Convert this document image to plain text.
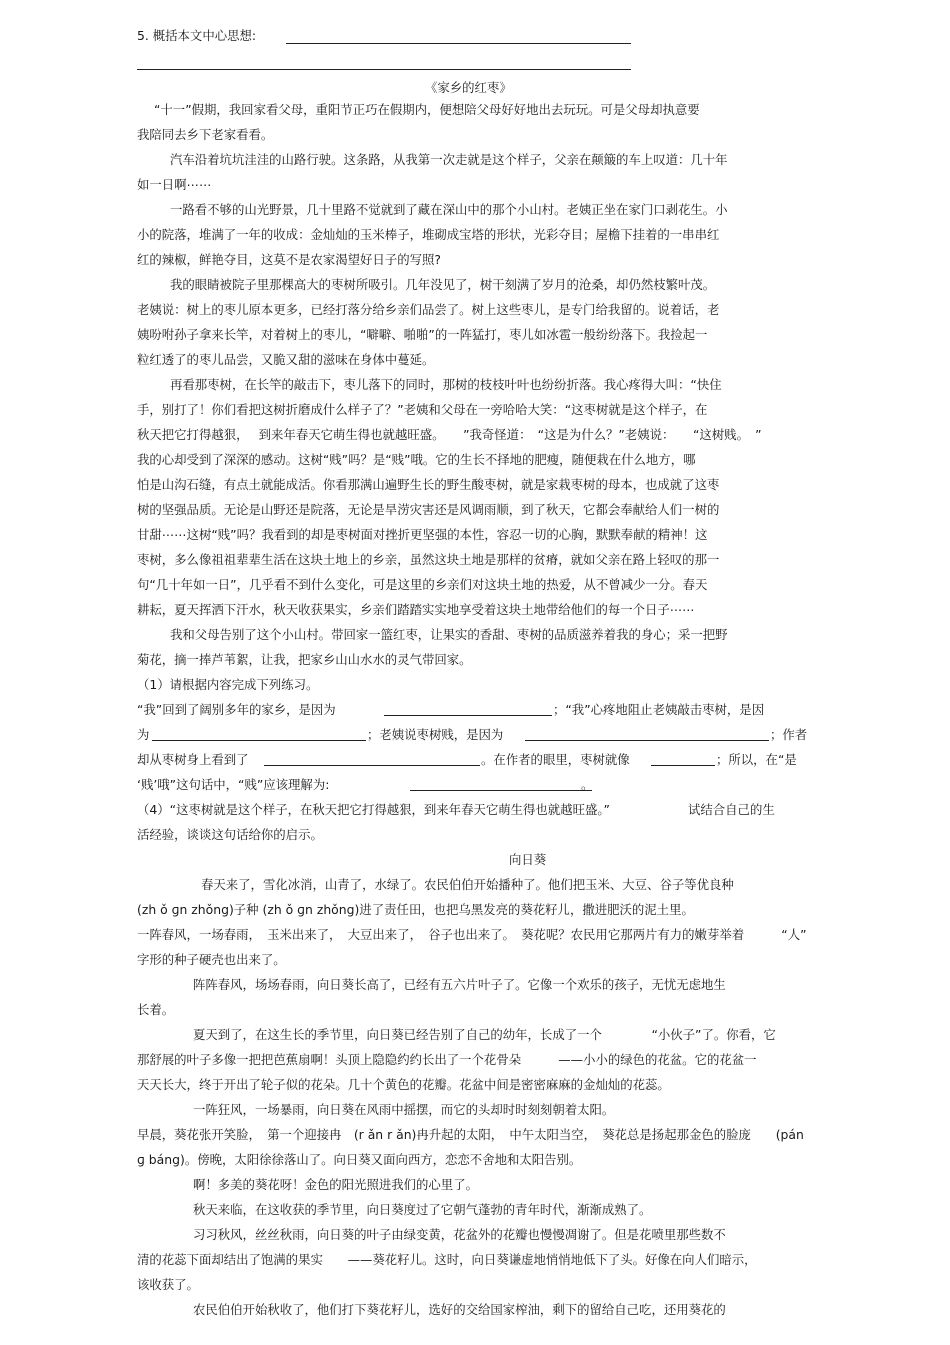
5. 概括本文中心思想:
《家乡的红枣》
“十一”假期，我回家看父母，重阳节正巧在假期内，便想陪父母好好地出去玩玩。可是父母却执意要
我陪同去乡下老家看看。
汽车沿着坑坑洼洼的山路行驶。这条路，从我第一次走就是这个样子，父亲在颠簸的车上叹道：几十年
如一日啊⋯⋯
一路看不够的山光野景，几十里路不觉就到了藏在深山中的那个小山村。老姨正坐在家门口剥花生。小
小的院落，堆满了一年的收成：金灿灿的玉米棒子，堆砌成宝塔的形状，光彩夺目；屋檐下挂着的一串串红
红的辣椒，鲜艳夺目，这莫不是农家渴望好日子的写照?
我的眼睛被院子里那棵高大的枣树所吸引。几年没见了，树干刻满了岁月的沧桑，却仍然枝繁叶茂。
老姨说：树上的枣儿原本更多，已经打落分给乡亲们品尝了。树上这些枣儿，是专门给我留的。说着话，老
姨吩咐孙子拿来长竿，对着树上的枣儿，“噼噼、啪啪”的一阵猛打，枣儿如冰雹一般纷纷落下。我捡起一
粒红透了的枣儿品尝，又脆又甜的滋味在身体中蔓延。
再看那枣树，在长竿的敲击下，枣儿落下的同时，那树的枝枝叶叶也纷纷折落。我心疼得大叫：“快住
手，别打了！你们看把这树折磨成什么样子了？”老姨和父母在一旁哈哈大笑：“这枣树就是这个样子，在
秋天把它打得越狠，　 到来年春天它萌生得也就越旺盛。　　”我奇怪道：　“这是为什么？”老姨说：　　“这树贱。　”
我的心却受到了深深的感动。这树“贱”吗？是“贱”哦。它的生长不择地的肥瘦，随便栽在什么地方，哪
怕是山沟石缝，有点土就能成活。你看那满山遍野生长的野生酸枣树，就是家栽枣树的母本，也成就了这枣
树的坚强品质。无论是山野还是院落，无论是旱涝灾害还是风调雨顺，到了秋天，它都会奉献给人们一树的
甘甜⋯⋯这树“贱”吗？我看到的却是枣树面对挫折更坚强的本性，容忍一切的心胸，默默奉献的精神！这
枣树，多么像祖祖辈辈生活在这块土地上的乡亲，虽然这块土地是那样的贫瘠，就如父亲在路上轻叹的那一
句“几十年如一日”，几乎看不到什么变化，可是这里的乡亲们对这块土地的热爱，从不曾减少一分。春天
耕耘，夏天挥洒下汗水，秋天收获果实，乡亲们踏踏实实地享受着这块土地带给他们的每一个日子⋯⋯
我和父母告别了这个小山村。带回家一篮红枣，让果实的香甜、枣树的品质滋养着我的身心；采一把野
菊花，摘一捧芦苇絮，让我，把家乡山山水水的灵气带回家。
（1）请根据内容完成下列练习。
“我”回到了阔别多年的家乡，是因为	；“我”心疼地阻止老姨敲击枣树，是因
为	；老姨说枣树贱，是因为	；作者
却从枣树身上看到了	。在作者的眼里，枣树就像	；所以，在“是
‘贱’哦”这句话中，“贱”应该理解为:	。
（4）“这枣树就是这个样子，在秋天把它打得越狠，到来年春天它萌生得也就越旺盛。”	试结合自己的生
活经验，谈谈这句话给你的启示。
向日葵
春天来了，雪化冰消，山青了，水绿了。农民伯伯开始播种了。他们把玉米、大豆、谷子等优良种
(zh ǒ ɡn zhǒng)子种 (zh ǒ ɡn zhǒng)进了责任田，也把乌黑发亮的葵花籽儿，撒进肥沃的泥土里。
一阵春风，一场春雨，　玉米出来了，　大豆出来了，　谷子也出来了。　葵花呢？农民用它那两片有力的嫩芽举着　　　“人”
字形的种子硬壳也出来了。
阵阵春风，场场春雨，向日葵长高了，已经有五六片叶子了。它像一个欢乐的孩子，无忧无虑地生
长着。
夏天到了，在这生长的季节里，向日葵已经告别了自己的幼年，长成了一个　　　　“小伙子”了。你看，它
那舒展的叶子多像一把把芭蕉扇啊！头顶上隐隐约约长出了一个花骨朵　　　——小小的绿色的花盆。它的花盆一
天天长大，终于开出了轮子似的花朵。几十个黄色的花瓣。花盆中间是密密麻麻的金灿灿的花蕊。
一阵狂风，一场暴雨，向日葵在风雨中摇摆，而它的头却时时刻刻朝着太阳。
早晨，葵花张开笑脸，　第一个迎接冉　(r ǎn r ǎn)冉升起的太阳，　中午太阳当空，　葵花总是扬起那金色的脸庞　　(pán
ɡ báng)。傍晚，太阳徐徐落山了。向日葵又面向西方，恋恋不舍地和太阳告别。
啊！多美的葵花呀！金色的阳光照进我们的心里了。
秋天来临，在这收获的季节里，向日葵度过了它朝气蓬勃的青年时代，渐渐成熟了。
习习秋风，丝丝秋雨，向日葵的叶子由绿变黄，花盆外的花瓣也慢慢凋谢了。但是花喷里那些数不
清的花蕊下面却结出了饱满的果实　　——葵花籽儿。这时，向日葵谦虚地悄悄地低下了头。好像在向人们暗示，
该收获了。
农民伯伯开始秋收了，他们打下葵花籽儿，选好的交给国家榨油，剩下的留给自己吃，还用葵花的
